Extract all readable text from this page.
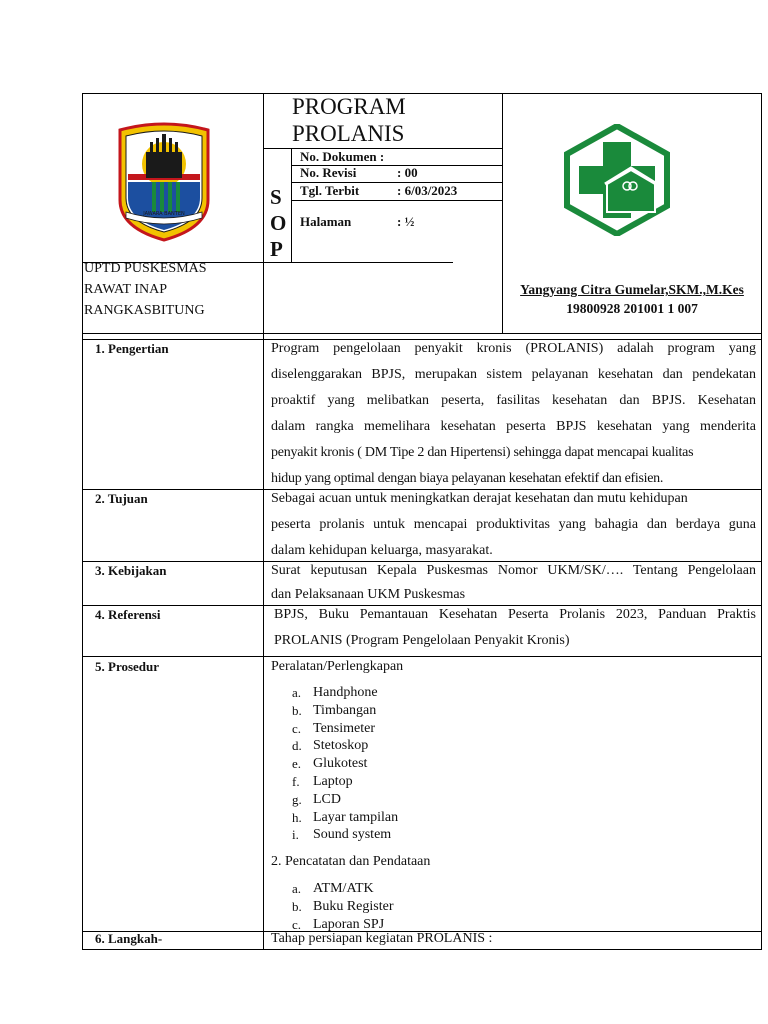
JAWARA BANTEN
PROGRAM
PROLANIS
S
O
P
No. Dokumen :
No. Revisi	: 00
Tgl. Terbit	: 6/03/2023
Halaman	: ½
UPTD PUSKESMAS
RAWAT INAP
RANGKASBITUNG
Yangyang Citra Gumelar,SKM.,M.Kes
19800928 201001 1 007
1. Pengertian	Program pengelolaan penyakit kronis (PROLANIS) adalah program yang
diselenggarakan BPJS, merupakan sistem pelayanan kesehatan dan pendekatan
proaktif yang melibatkan peserta, fasilitas kesehatan dan BPJS. Kesehatan
dalam rangka memelihara kesehatan peserta BPJS kesehatan yang menderita
penyakit kronis ( DM Tipe 2 dan Hipertensi) sehingga dapat mencapai kualitas
hidup yang optimal dengan biaya pelayanan kesehatan efektif dan efisien.
2. Tujuan	Sebagai acuan untuk meningkatkan derajat kesehatan dan mutu kehidupan
peserta prolanis untuk mencapai produktivitas yang bahagia dan berdaya guna
dalam kehidupan keluarga, masyarakat.
3. Kebijakan	Surat keputusan Kepala Puskesmas Nomor UKM/SK/…. Tentang Pengelolaan
dan Pelaksanaan UKM Puskesmas
4. Referensi	BPJS, Buku Pemantauan Kesehatan Peserta Prolanis 2023, Panduan Praktis
PROLANIS (Program Pengelolaan Penyakit Kronis)
5. Prosedur	Peralatan/Perlengkapan
a. Handphone
b. Timbangan
c. Tensimeter
d. Stetoskop
e. Glukotest
f. Laptop
g. LCD
h. Layar tampilan
i.	Sound system
2. Pencatatan dan Pendataan
a. ATM/ATK
b. Buku Register
c. Laporan SPJ
6. Langkah-	Tahap persiapan kegiatan PROLANIS :
